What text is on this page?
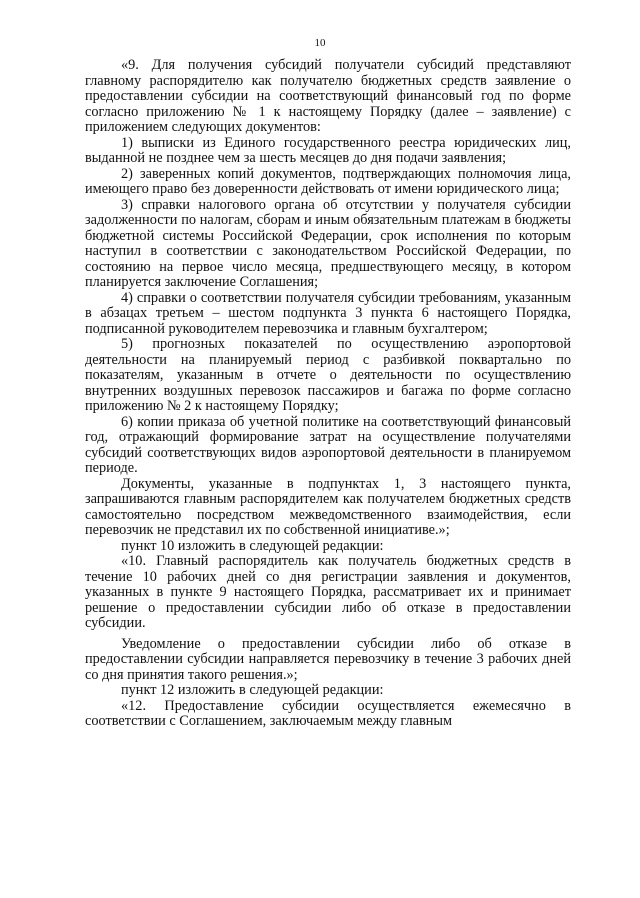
10

«9. Для получения субсидий получатели субсидий представляют главному распорядителю как получателю бюджетных средств заявление о предоставлении субсидии на соответствующий финансовый год по форме согласно приложению № 1 к настоящему Порядку (далее – заявление) с приложением следующих документов:

1) выписки из Единого государственного реестра юридических лиц, выданной не позднее чем за шесть месяцев до дня подачи заявления;

2) заверенных копий документов, подтверждающих полномочия лица, имеющего право без доверенности действовать от имени юридического лица;

3) справки налогового органа об отсутствии у получателя субсидии задолженности по налогам, сборам и иным обязательным платежам в бюджеты бюджетной системы Российской Федерации, срок исполнения по которым наступил в соответствии с законодательством Российской Федерации, по состоянию на первое число месяца, предшествующего месяцу, в котором планируется заключение Соглашения;

4) справки о соответствии получателя субсидии требованиям, указанным в абзацах третьем – шестом подпункта 3 пункта 6 настоящего Порядка, подписанной руководителем перевозчика и главным бухгалтером;

5) прогнозных показателей по осуществлению аэропортовой деятельности на планируемый период с разбивкой поквартально по показателям, указанным в отчете о деятельности по осуществлению внутренних воздушных перевозок пассажиров и багажа по форме согласно приложению № 2 к настоящему Порядку;

6) копии приказа об учетной политике на соответствующий финансовый год, отражающий формирование затрат на осуществление получателями субсидий соответствующих видов аэропортовой деятельности в планируемом периоде.

Документы, указанные в подпунктах 1, 3 настоящего пункта, запрашиваются главным распорядителем как получателем бюджетных средств самостоятельно посредством межведомственного взаимодействия, если перевозчик не представил их по собственной инициативе.»;

пункт 10 изложить в следующей редакции:

«10. Главный распорядитель как получатель бюджетных средств в течение 10 рабочих дней со дня регистрации заявления и документов, указанных в пункте 9 настоящего Порядка, рассматривает их и принимает решение о предоставлении субсидии либо об отказе в предоставлении субсидии.

Уведомление о предоставлении субсидии либо об отказе в предоставлении субсидии направляется перевозчику в течение 3 рабочих дней со дня принятия такого решения.»;

пункт 12 изложить в следующей редакции:

«12. Предоставление субсидии осуществляется ежемесячно в соответствии с Соглашением, заключаемым между главным
